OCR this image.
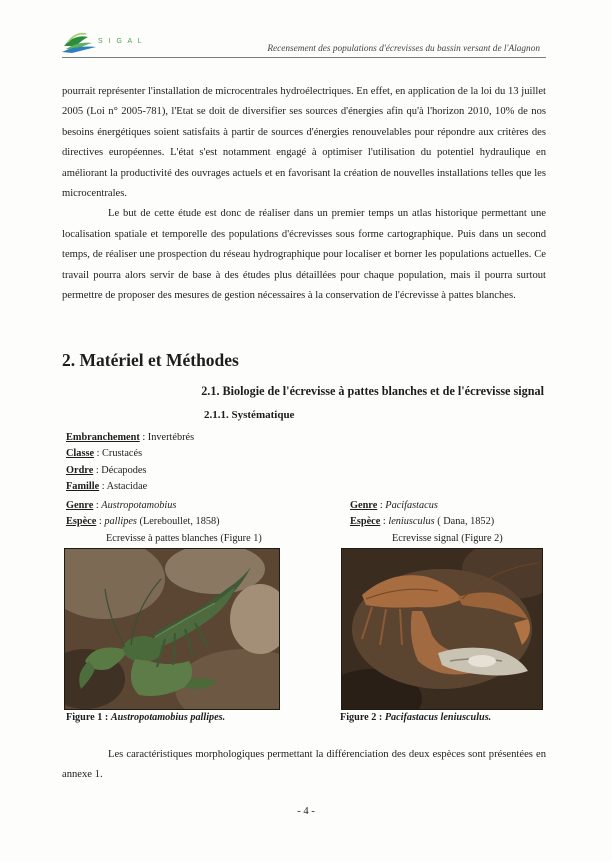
S I G A L
Recensement des populations d'écrevisses du bassin versant de l'Alagnon

pourrait représenter l'installation de microcentrales hydroélectriques. En effet, en application de la loi du 13 juillet 2005 (Loi n° 2005-781), l'Etat se doit de diversifier ses sources d'énergies afin qu'à l'horizon 2010, 10% de nos besoins énergétiques soient satisfaits à partir de sources d'énergies renouvelables pour répondre aux critères des directives européennes. L'état s'est notamment engagé à optimiser l'utilisation du potentiel hydraulique en améliorant la productivité des ouvrages actuels et en favorisant la création de nouvelles installations telles que les microcentrales.

Le but de cette étude est donc de réaliser dans un premier temps un atlas historique permettant une localisation spatiale et temporelle des populations d'écrevisses sous forme cartographique. Puis dans un second temps, de réaliser une prospection du réseau hydrographique pour localiser et borner les populations actuelles. Ce travail pourra alors servir de base à des études plus détaillées pour chaque population, mais il pourra surtout permettre de proposer des mesures de gestion nécessaires à la conservation de l'écrevisse à pattes blanches.

2. Matériel et Méthodes
2.1. Biologie de l'écrevisse à pattes blanches et de l'écrevisse signal
2.1.1. Systématique
Embranchement : Invertébrés
Classe : Crustacés
Ordre : Décapodes
Famille : Astacidae
Genre : Austropotamobius
Espèce : pallipes (Lereboullet, 1858)
Ecrevisse à pattes blanches (Figure 1)
Genre : Pacifastacus
Espèce : leniusculus ( Dana, 1852)
Ecrevisse signal (Figure 2)
Figure 1 : Austropotamobius pallipes.	Figure 2 : Pacifastacus leniusculus.

Les caractéristiques morphologiques permettant la différenciation des deux espèces sont présentées en annexe 1.

- 4 -
